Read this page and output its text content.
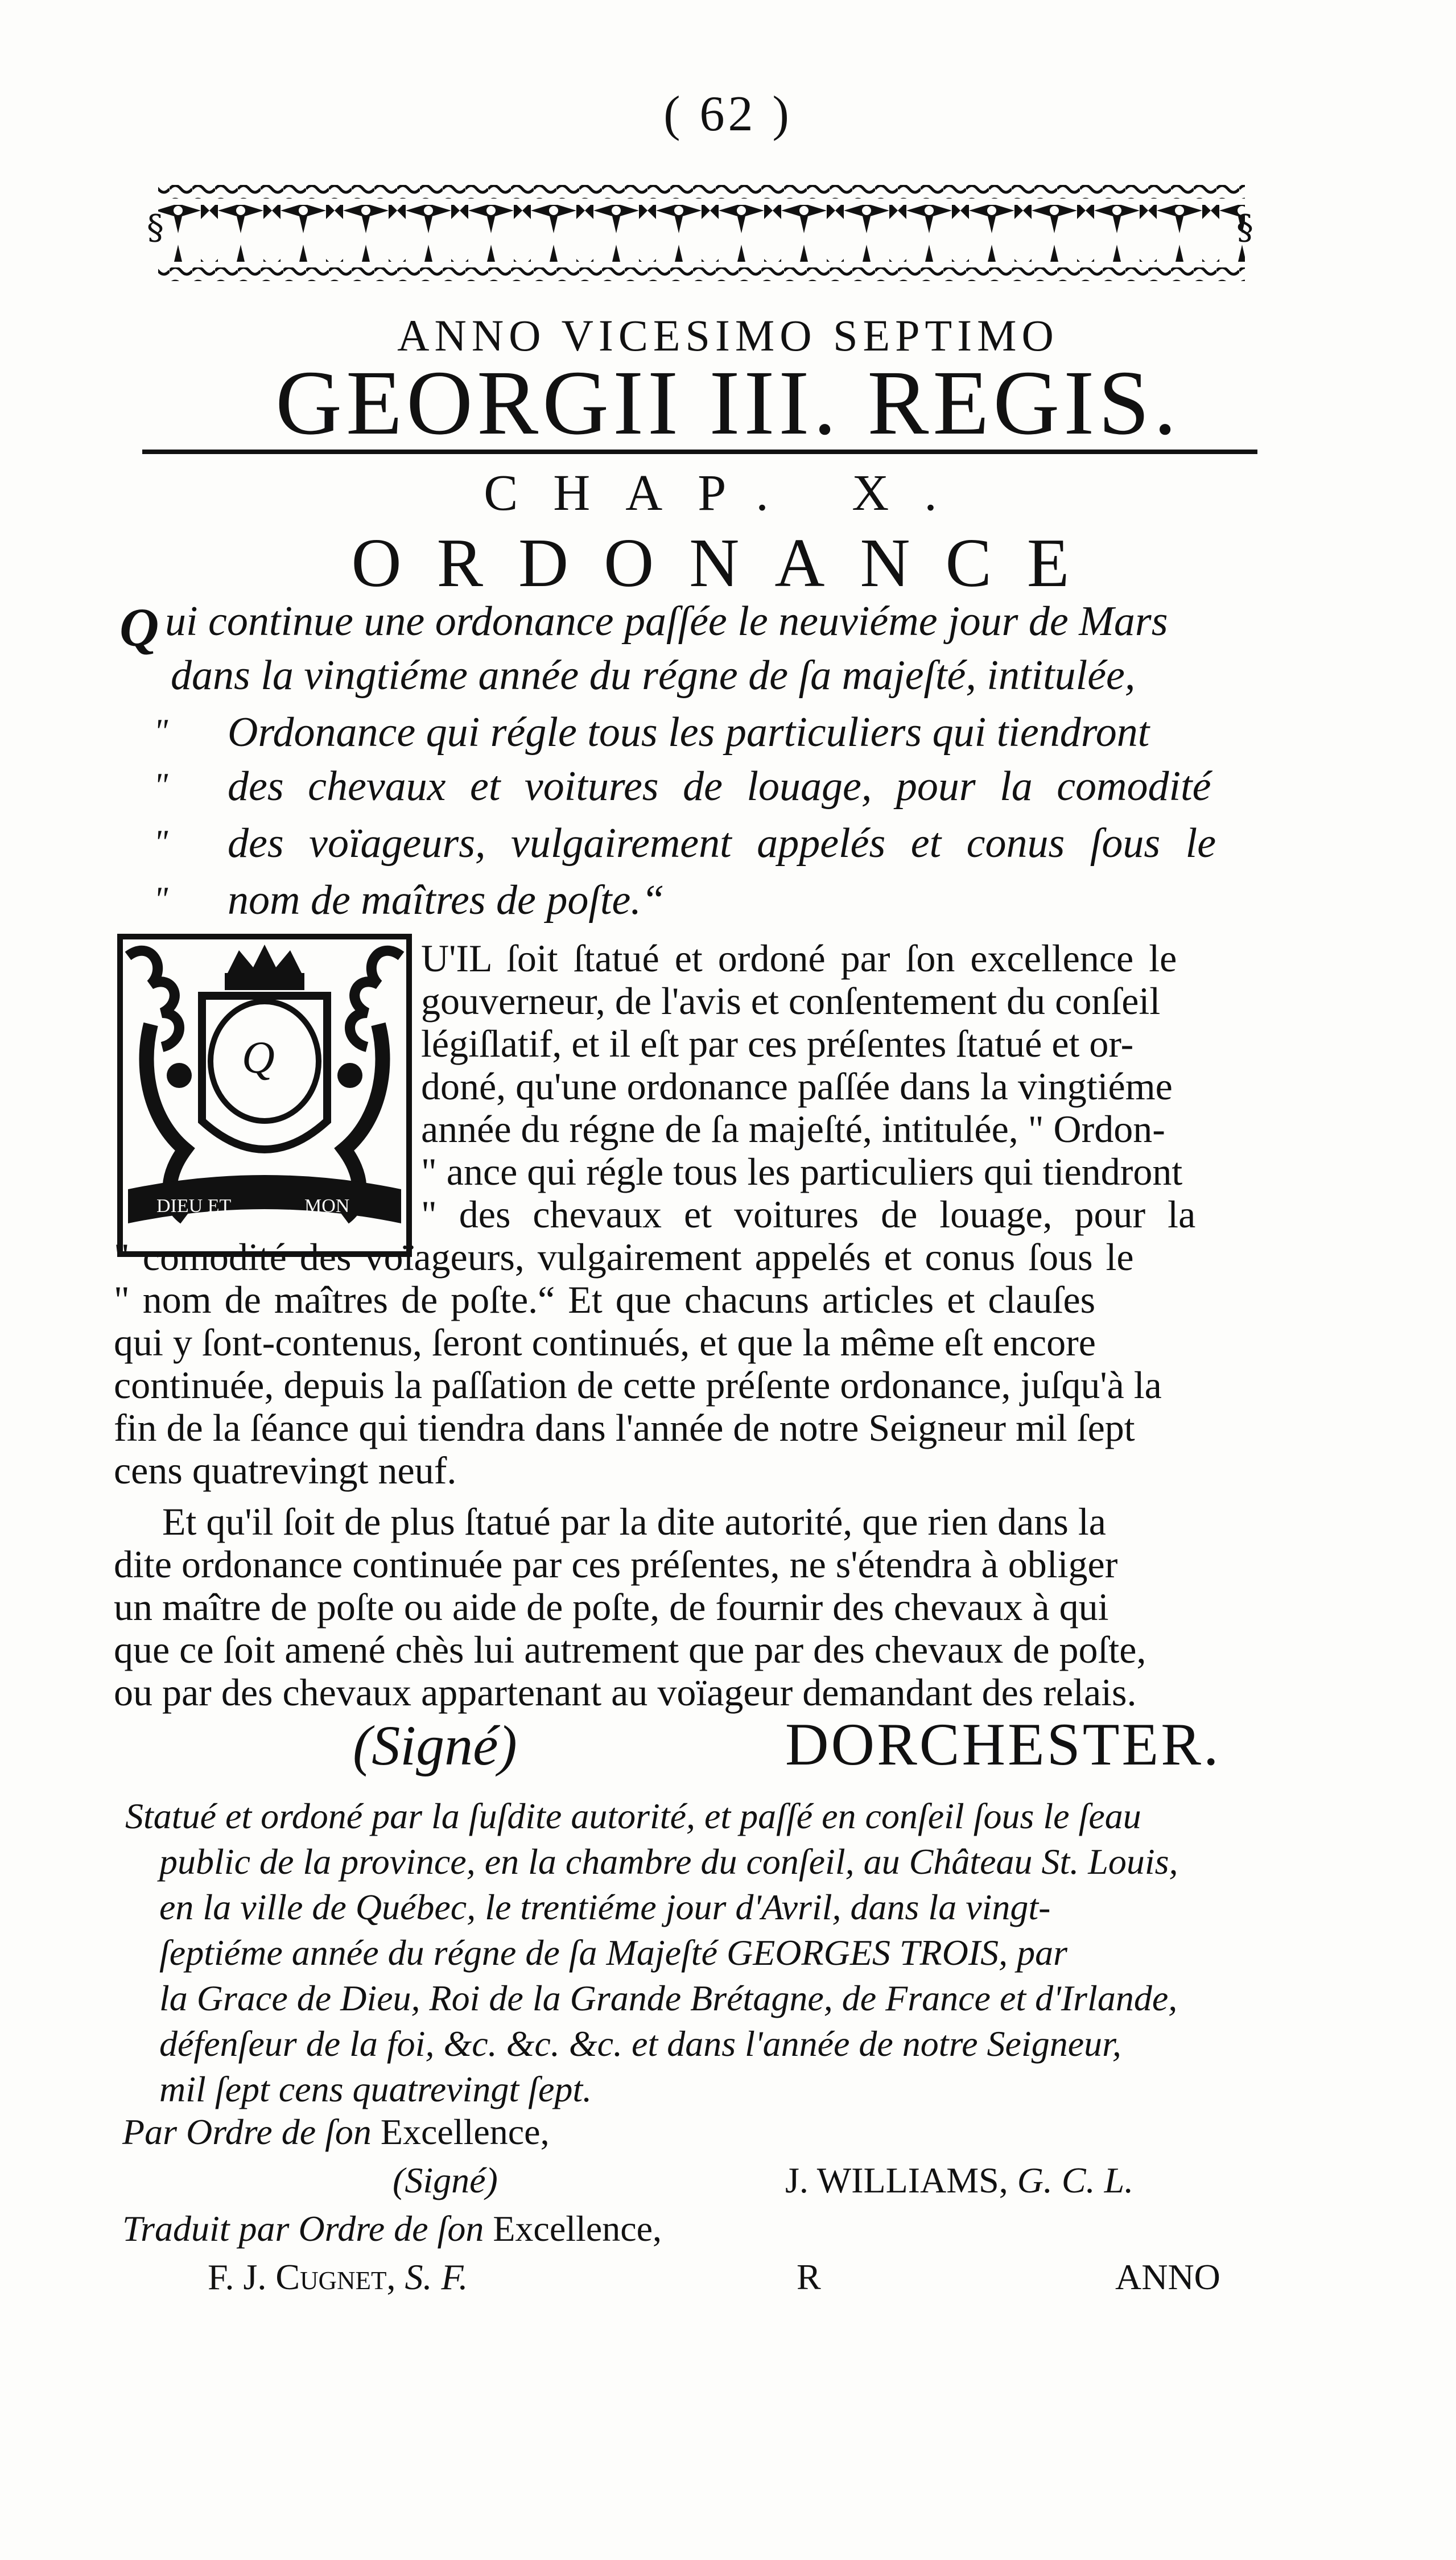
( 62 )
§	§
ANNO VICESIMO SEPTIMO
GEORGII III. REGIS.
CHAP. X.
ORDONANCE
Q ui continue une ordonance paſſée le neuviéme jour de Mars
dans la vingtiéme année du régne de ſa majeſté, intitulée,
" Ordonance qui régle tous les particuliers qui tiendront
" des chevaux et voitures de louage, pour la comodité
" des voïageurs, vulgairement appelés et conus ſous le
" nom de maîtres de poſte.“
DIEU ET	MON
Q
U'IL ſoit ſtatué et ordoné par ſon excellence le
gouverneur, de l'avis et conſentement du conſeil
légiſlatif, et il eſt par ces préſentes ſtatué et or-
doné, qu'une ordonance paſſée dans la vingtiéme
année du régne de ſa majeſté, intitulée, " Ordon-
" ance qui régle tous les particuliers qui tiendront
" des chevaux et voitures de louage, pour la
" comodité des voïageurs, vulgairement appelés et conus ſous le
" nom de maîtres de poſte.“ Et que chacuns articles et clauſes
qui y ſont-contenus, ſeront continués, et que la même eſt encore
continuée, depuis la paſſation de cette préſente ordonance, juſqu'à la
fin de la ſéance qui tiendra dans l'année de notre Seigneur mil ſept
cens quatrevingt neuf.
Et qu'il ſoit de plus ſtatué par la dite autorité, que rien dans la
dite ordonance continuée par ces préſentes, ne s'étendra à obliger
un maître de poſte ou aide de poſte, de fournir des chevaux à qui
que ce ſoit amené chès lui autrement que par des chevaux de poſte,
ou par des chevaux appartenant au voïageur demandant des relais.
(Signé)	DORCHESTER.
Statué et ordoné par la ſuſdite autorité, et paſſé en conſeil ſous le ſeau
public de la province, en la chambre du conſeil, au Château St. Louis,
en la ville de Québec, le trentiéme jour d'Avril, dans la vingt-
ſeptiéme année du régne de ſa Majeſté GEORGES TROIS, par
la Grace de Dieu, Roi de la Grande Brétagne, de France et d'Irlande,
défenſeur de la foi, &c. &c. &c. et dans l'année de notre Seigneur,
mil ſept cens quatrevingt ſept.
Par Ordre de ſon Excellence,
(Signé)	J. WILLIAMS, G. C. L.
Traduit par Ordre de ſon Excellence,
F. J. Cugnet, S. F.	R	ANNO
